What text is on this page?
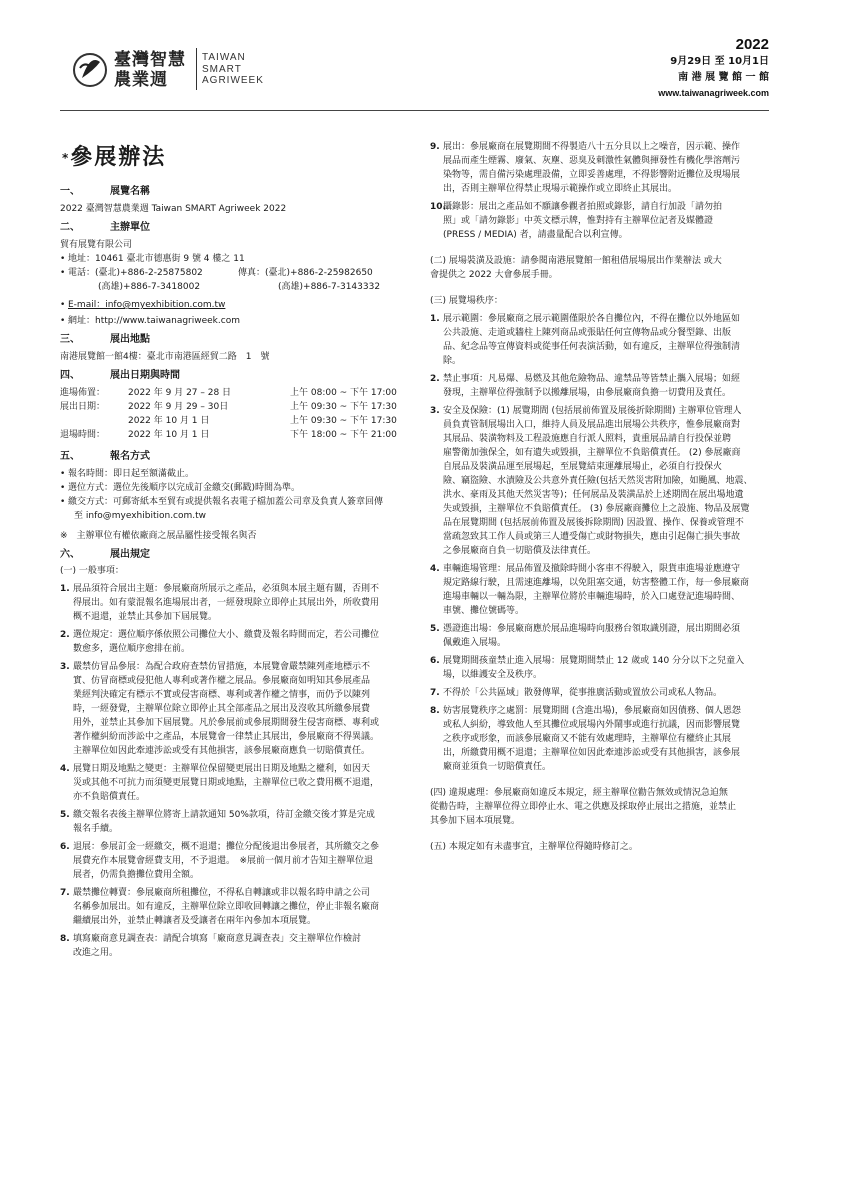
臺灣智慧
農業週
TAIWAN
SMART
AGRIWEEK
2022
9月29日 至 10月1日
南 港 展 覽 館 一 館
www.taiwanagriweek.com
*參展辦法
一、	展覽名稱
2022 臺灣智慧農業週 Taiwan SMART Agriweek 2022
二、	主辦單位
貿有展覽有限公司
• 地址：10461 臺北市德惠街 9 號 4 樓之 11
• 電話：(臺北)+886-2-25875802	傳真：(臺北)+886-2-25982650
(高雄)+886-7-3418002	(高雄)+886-7-3143332
• E-mail：info@myexhibition.com.tw
• 網址：http://www.taiwanagriweek.com
三、	展出地點
南港展覽館一館4樓：臺北市南港區經貿二路　1　號
四、	展出日期與時間
進場佈置：	2022 年 9 月 27 – 28 日	上午 08:00 ~ 下午 17:00
展出日期：	2022 年 9 月 29 – 30日	上午 09:30 ~ 下午 17:30
2022 年 10 月 1 日	上午 09:30 ~ 下午 17:30
退場時間：	2022 年 10 月 1 日	下午 18:00 ~ 下午 21:00
五、	報名方式
• 報名時間：即日起至額滿截止。
• 選位方式：選位先後順序以完成訂金繳交(郵戳)時間為準。
• 繳交方式：可郵寄紙本至貿有或提供報名表電子檔加蓋公司章及負責人簽章回傳
至 info@myexhibition.com.tw
※　主辦單位有權依廠商之展品屬性接受報名與否
六、	展出規定
(一) 一般事項：
1. 展品須符合展出主題：參展廠商所展示之產品，必須與本展主題有關，否則不
得展出。如有蒙混報名進場展出者，一經發現除立即停止其展出外，所收費用
概不退還，並禁止其參加下屆展覽。
2. 選位規定：選位順序係依照公司攤位大小、繳費及報名時間而定，若公司攤位
數愈多，選位順序愈排在前。
3. 嚴禁仿冒品參展：為配合政府查禁仿冒措施，本展覽會嚴禁陳列產地標示不
實、仿冒商標或侵犯他人專利或著作權之展品。參展廠商如明知其參展產品
業經判決確定有標示不實或侵害商標、專利或著作權之情事，而仍予以陳列
時，一經發覺，主辦單位除立即停止其全部產品之展出及沒收其所繳參展費
用外，並禁止其參加下屆展覽。凡於參展前或參展期間發生侵害商標、專利或
著作權糾紛而涉訟中之產品，本展覽會一律禁止其展出，參展廠商不得異議。
主辦單位如因此牽連涉訟或受有其他損害，該參展廠商應負一切賠償責任。
4. 展覽日期及地點之變更：主辦單位保留變更展出日期及地點之權利，如因天
災或其他不可抗力而須變更展覽日期或地點，主辦單位已收之費用概不退還，
亦不負賠償責任。
5. 繳交報名表後主辦單位將寄上請款通知 50%款項，待訂金繳交後才算是完成
報名手續。
6. 退展：參展訂金一經繳交，概不退還；攤位分配後退出參展者，其所繳交之參
展費充作本展覽會經費支用，不予退還。　※展前一個月前才告知主辦單位退
展者，仍需負擔攤位費用全額。
7. 嚴禁攤位轉賣：參展廠商所租攤位，不得私自轉讓或非以報名時申請之公司
名稱參加展出。如有違反，主辦單位除立即收回轉讓之攤位，停止非報名廠商
繼續展出外，並禁止轉讓者及受讓者在兩年內參加本項展覽。
8. 填寫廠商意見調查表：請配合填寫「廠商意見調查表」交主辦單位作檢討
改進之用。
9. 展出：參展廠商在展覽期間不得製造八十五分貝以上之噪音，因示範、操作
展品而產生煙霧、廢氣、灰塵、惡臭及刺激性氣體與揮發性有機化學溶劑污
染物等，需自備污染處理設備，立即妥善處理，不得影響附近攤位及現場展
出，否則主辦單位得禁止現場示範操作或立即終止其展出。
10.
攝錄影：展出之產品如不願讓參觀者拍照或錄影，請自行加設「請勿拍
照」或「請勿錄影」中英文標示牌，惟對持有主辦單位記者及媒體證
(PRESS / MEDIA) 者，請盡量配合以利宣傳。
(二) 展場裝潢及設施：請參閱南港展覽館一館租借展場展出作業辦法 或大
會提供之 2022 大會參展手冊。
(三) 展覽場秩序：
1. 展示範圍：參展廠商之展示範圍僅限於各自攤位內，不得在攤位以外地區如
公共設施、走道或牆柱上陳列商品或張貼任何宣傳物品或分餐型錄、出版
品、紀念品等宣傳資料或從事任何表演活動，如有違反，主辦單位得強制清
除。
2. 禁止事項：凡易爆、易燃及其他危險物品、違禁品等皆禁止攜入展場；如經
發現，主辦單位得強制予以搬離展場，由參展廠商負擔一切費用及責任。
3. 安全及保險：(1) 展覽期間 (包括展前佈置及展後折除期間) 主辦單位管理人
員負責管制展場出入口，維持人員及展品進出展場公共秩序，惟參展廠商對
其展品、裝潢物料及工程設施應自行派人照料，貴重展品請自行投保並聘
雇警衛加強保全，如有遺失或毀損，主辦單位不負賠償責任。 (2) 參展廠商
自展品及裝潢品運至展場起，至展覽結束運離展場止，必須自行投保火
險、竊盜險、水漬險及公共意外責任險(包括天然災害附加險，如颱風、地震、
洪水、豪雨及其他天然災害等)；任何展品及裝潢品於上述期間在展出場地遺
失或毀損，主辦單位不負賠償責任。 (3) 參展廠商攤位上之設施、物品及展覽
品在展覽期間 (包括展前佈置及展後拆除期間) 因設置、操作、保養或管理不
當疏忽致其工作人員或第三人遭受傷亡或財物損失，應由引起傷亡損失事故
之參展廠商自負一切賠償及法律責任。
4. 車輛進場管理：展品佈置及撤除時間小客車不得駛入，限貨車進場並應遵守
規定路線行駛，且需速進離場，以免阻塞交通，妨害整體工作，每一參展廠商
進場車輛以一輛為限，主辦單位將於車輛進場時，於入口處登記進場時間、
車號、攤位號碼等。
5. 憑證進出場：參展廠商應於展品進場時向服務台領取識別證，展出期間必須
佩戴進入展場。
6. 展覽期間孩童禁止進入展場：展覽期間禁止 12 歲或 140 分分以下之兒童入
場，以維護安全及秩序。
7. 不得於「公共區域」散發傳單，從事推廣活動或置放公司或私人物品。
8. 妨害展覽秩序之處罰：展覽期間 (含進出場)，參展廠商如因債務、個人恩怨
或私人糾紛，導致他人至其攤位或展場內外鬧事或進行抗議，因而影響展覽
之秩序或形象，而該參展廠商又不能有效處理時，主辦單位有權終止其展
出，所繳費用概不退還；主辦單位如因此牽連涉訟或受有其他損害，該參展
廠商並須負一切賠償責任。
(四) 違規處理：參展廠商如違反本規定，經主辦單位勸告無效或情況急迫無
從勸告時，主辦單位得立即停止水、電之供應及採取停止展出之措施，並禁止
其參加下屆本項展覽。
(五) 本規定如有未盡事宜，主辦單位得隨時修訂之。
